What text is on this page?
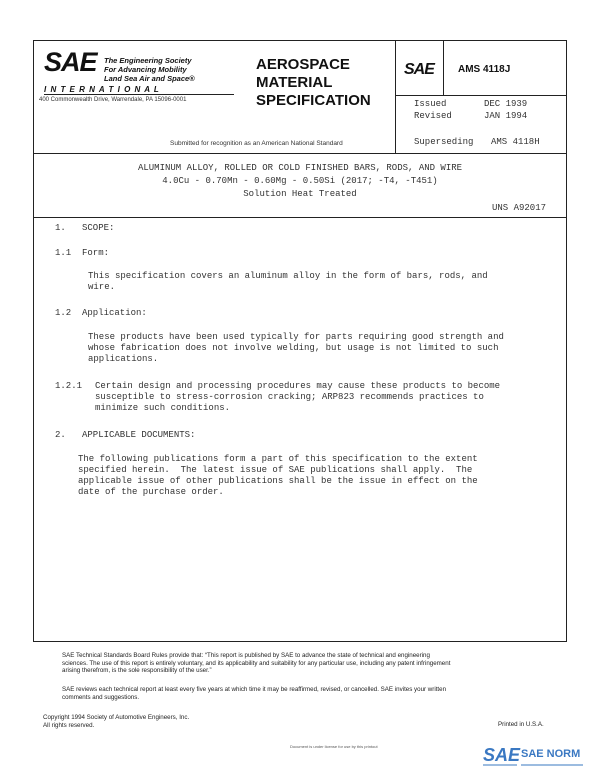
SAE The Engineering Society
For Advancing Mobility
Land Sea Air and Space®
I N T E R N A T I O N A L
400 Commonwealth Drive, Warrendale, PA 15096-0001
AEROSPACE
MATERIAL
SPECIFICATION
SAE AMS 4118J
Issued	DEC 1939
Revised	JAN 1994
Superseding AMS 4118H
Submitted for recognition as an American National Standard
ALUMINUM ALLOY, ROLLED OR COLD FINISHED BARS, RODS, AND WIRE
4.0Cu - 0.70Mn - 0.60Mg - 0.50Si (2017; -T4, -T451)
Solution Heat Treated
UNS A92017
1.   SCOPE:
1.1  Form:
This specification covers an aluminum alloy in the form of bars, rods, and
wire.
1.2  Application:
These products have been used typically for parts requiring good strength and
whose fabrication does not involve welding, but usage is not limited to such
applications.
1.2.1 Certain design and processing procedures may cause these products to become
susceptible to stress-corrosion cracking; ARP823 recommends practices to
minimize such conditions.
2.   APPLICABLE DOCUMENTS:
The following publications form a part of this specification to the extent
specified herein.  The latest issue of SAE publications shall apply.  The
applicable issue of other publications shall be the issue in effect on the
date of the purchase order.
SAE Technical Standards Board Rules provide that: “This report is published by SAE to advance the state of technical and engineering
sciences. The use of this report is entirely voluntary, and its applicability and suitability for any particular use, including any patent infringement
arising therefrom, is the sole responsibility of the user.”
SAE reviews each technical report at least every five years at which time it may be reaffirmed, revised, or cancelled. SAE invites your written
comments and suggestions.
Copyright 1994 Society of Automotive Engineers, Inc.
All rights reserved.	Printed in U.S.A.
Document is under license for use by this printout	SAE SAE NORM
